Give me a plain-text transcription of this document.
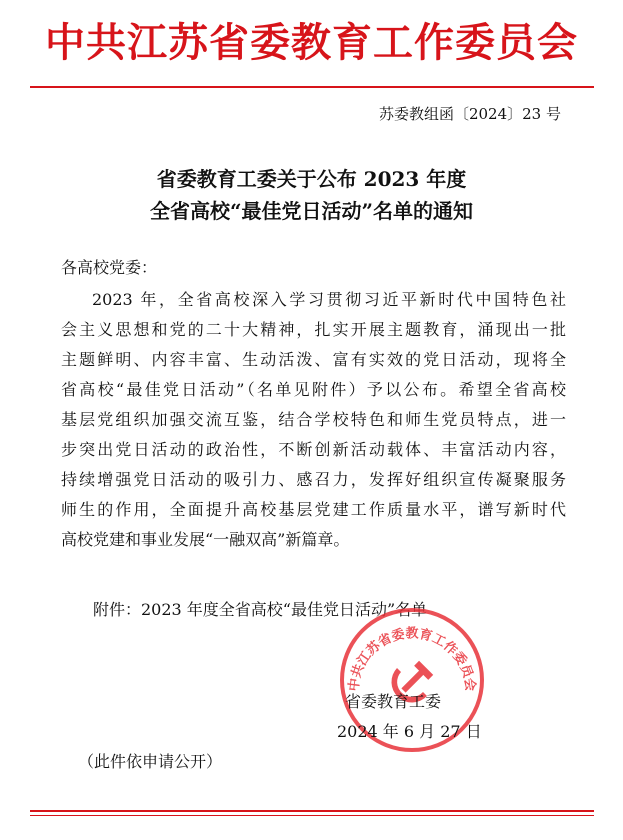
中共江苏省委教育工作委员会
苏委教组函〔2024〕23 号
省委教育工委关于公布 2023 年度
全省高校“最佳党日活动”名单的通知
各高校党委：
2023 年，全省高校深入学习贯彻习近平新时代中国特色社
会主义思想和党的二十大精神，扎实开展主题教育，涌现出一批
主题鲜明、内容丰富、生动活泼、富有实效的党日活动，现将全
省高校“最佳党日活动”（名单见附件）予以公布。希望全省高校
基层党组织加强交流互鉴，结合学校特色和师生党员特点，进一
步突出党日活动的政治性，不断创新活动载体、丰富活动内容，
持续增强党日活动的吸引力、感召力，发挥好组织宣传凝聚服务
师生的作用，全面提升高校基层党建工作质量水平，谱写新时代
高校党建和事业发展“一融双高”新篇章。
附件：2023 年度全省高校“最佳党日活动”名单
中共江苏省委教育工作委员会
省委教育工委
2024 年 6 月 27 日
（此件依申请公开）
